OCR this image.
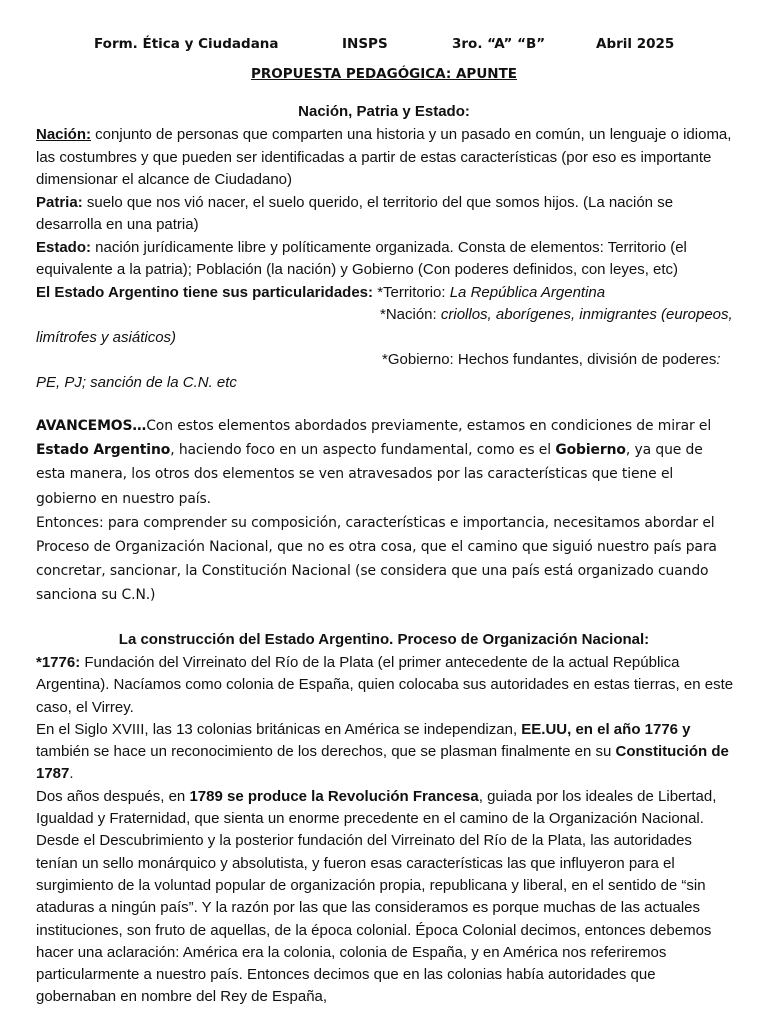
Form. Ética y Ciudadana	INSPS	3ro. “A” “B”	Abril 2025
PROPUESTA PEDAGÓGICA: APUNTE
Nación, Patria y Estado:

Nación: conjunto de personas que comparten una historia y un pasado en común, un lenguaje o idioma, las costumbres y que pueden ser identificadas a partir de estas características (por eso es importante dimensionar el alcance de Ciudadano)

Patria: suelo que nos vió nacer, el suelo querido, el territorio del que somos hijos. (La nación se desarrolla en una patria)

Estado: nación jurídicamente libre y políticamente organizada. Consta de elementos: Territorio (el equivalente a la patria); Población (la nación) y Gobierno (Con poderes definidos, con leyes, etc)

El Estado Argentino tiene sus particularidades: *Territorio: La República Argentina

*Nación: criollos, aborígenes, inmigrantes (europeos,

limítrofes y asiáticos)

*Gobierno: Hechos fundantes, división de poderes:

PE, PJ; sanción de la C.N. etc

AVANCEMOS…Con estos elementos abordados previamente, estamos en condiciones de mirar el Estado Argentino, haciendo foco en un aspecto fundamental, como es el Gobierno, ya que de esta manera, los otros dos elementos se ven atravesados por las características que tiene el gobierno en nuestro país.

Entonces: para comprender su composición, características e importancia, necesitamos abordar el Proceso de Organización Nacional, que no es otra cosa, que el camino que siguió nuestro país para concretar, sancionar, la Constitución Nacional (se considera que una país está organizado cuando sanciona su C.N.)

La construcción del Estado Argentino. Proceso de Organización Nacional:

*1776: Fundación del Virreinato del Río de la Plata (el primer antecedente de la actual República Argentina). Nacíamos como colonia de España, quien colocaba sus autoridades en estas tierras, en este caso, el Virrey.

En el Siglo XVIII, las 13 colonias británicas en América se independizan, EE.UU, en el año 1776 y también se hace un reconocimiento de los derechos, que se plasman finalmente en su Constitución de 1787.

Dos años después, en 1789 se produce la Revolución Francesa, guiada por los ideales de Libertad, Igualdad y Fraternidad, que sienta un enorme precedente en el camino de la Organización Nacional.

Desde el Descubrimiento y la posterior fundación del Virreinato del Río de la Plata, las autoridades tenían un sello monárquico y absolutista, y fueron esas características las que influyeron para el surgimiento de la voluntad popular de organización propia, republicana y liberal, en el sentido de “sin ataduras a ningún país”. Y la razón por las que las consideramos es porque muchas de las actuales instituciones, son fruto de aquellas, de la época colonial. Época Colonial decimos, entonces debemos hacer una aclaración: América era la colonia, colonia de España, y en América nos referiremos particularmente a nuestro país. Entonces decimos que en las colonias había autoridades que gobernaban en nombre del Rey de España,
